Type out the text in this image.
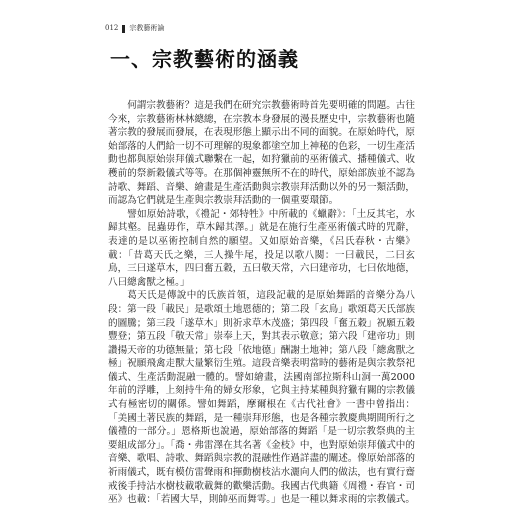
012 宗教藝術論
一、宗教藝術的涵義

何謂宗教藝術？這是我們在研究宗教藝術時首先要明確的問題。古往今來，宗教藝術林林總總，在宗教本身發展的漫長歷史中，宗教藝術也隨著宗教的發展而發展，在表現形態上顯示出不同的面貌。在原始時代，原始部落的人們給一切不可理解的現象都塗空加上神秘的色彩，一切生產活動也都與原始崇拜儀式聯繫在一起，如狩獵前的巫術儀式、播種儀式、收穫前的祭新穀儀式等等。在那個神靈無所不在的時代，原始部族並不認為詩歌、舞蹈、音樂、繪畫是生產活動與宗教崇拜活動以外的另一類活動，而認為它們就是生產與宗教崇拜活動的一個重要環節。

譬如原始詩歌，《禮記・郊特牲》中所載的《蠟辭》：「土反其宅，水歸其壑。昆蟲毋作，草木歸其澤。」就是在施行生產巫術儀式時的咒辭，表達的是以巫術控制自然的願望。又如原始音樂，《呂氏春秋・古樂》載：「昔葛天氏之樂，三人操牛尾，投足以歌八闋：一曰載民，二曰玄鳥，三曰遂草木，四曰奮五穀，五曰敬天常，六曰建帝功，七曰依地德，八曰總禽獸之極。」

葛天氏是傳說中的氏族首領，這段記載的是原始舞蹈的音樂分為八段：第一段「載民」是歌頌土地恩德的；第二段「玄鳥」歌頌葛天氏部族的圖騰；第三段「遂草木」則祈求草木茂盛；第四段「奮五穀」祝願五穀豐登；第五段「敬天常」崇奉上天，對其表示敬意；第六段「建帝功」則讚揚天帝的功德無量；第七段「依地德」酬謝土地神；第八段「總禽獸之極」祝願飛禽走獸大量繁衍生殖。這段音樂表明當時的藝術是與宗教祭祀儀式、生產活動混融一體的。譬如繪畫，法國南部拉斯科山洞一萬2000年前的浮雕，上刻持牛角的婦女形象，它與主持某種與狩獵有關的宗教儀式有極密切的關係。譬如舞蹈，摩爾根在《古代社會》一書中曾指出：「美國土著民族的舞蹈，是一種崇拜形態，也是各種宗教慶典期間所行之儀禮的一部分。」恩格斯也說過，原始部落的舞蹈「是一切宗教祭典的主要組成部分」。「喬・弗雷澤在其名著《金枝》中，也對原始崇拜儀式中的音樂、歌唱、詩歌、舞蹈與宗教的混融性作過詳盡的闡述。像原始部落的祈雨儀式，既有模仿雷聲雨和揮動樹枝沾水灑向人們的做法，也有實行齋戒後手持沾水樹枝載歌載舞的歡樂活動。我國古代典籍《周禮・春官・司巫》也載：「若國大旱，則帥巫而舞雩。」也是一種以舞求雨的宗教儀式。
